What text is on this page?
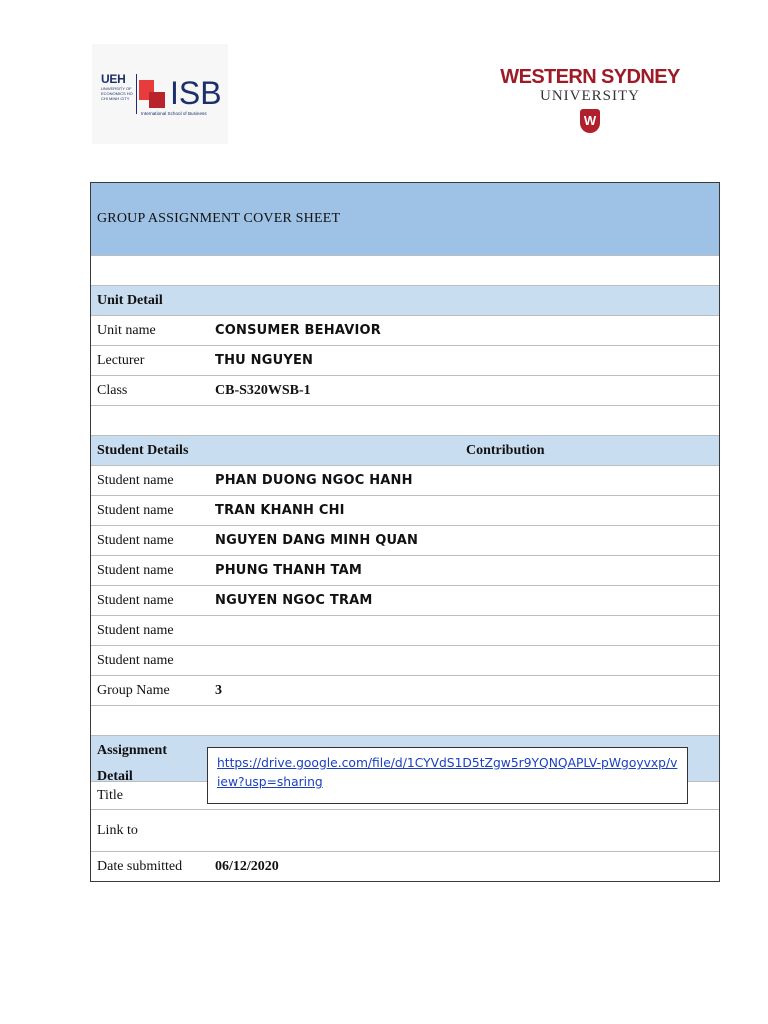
UEH
UNIVERSITY OF ECONOMICS HO CHI MINH CITY ISB
International School of Business
WESTERN SYDNEY
UNIVERSITY
W
GROUP ASSIGNMENT COVER SHEET
Unit Detail
Unit name	CONSUMER BEHAVIOR
Lecturer	THU NGUYEN
Class	CB-S320WSB-1
Student Details	Contribution
Student name	PHAN DUONG NGOC HANH
Student name	TRAN KHANH CHI
Student name	NGUYEN DANG MINH QUAN
Student name	PHUNG THANH TAM
Student name	NGUYEN NGOC TRAM
Student name
Student name
Group Name	3
Assignment Detail
Title
Link to
Date submitted 06/12/2020
https://drive.google.com/file/d/1CYVdS1D5tZgw5r9YQNQAPLV-pWgoyvxp/view?usp=sharing
